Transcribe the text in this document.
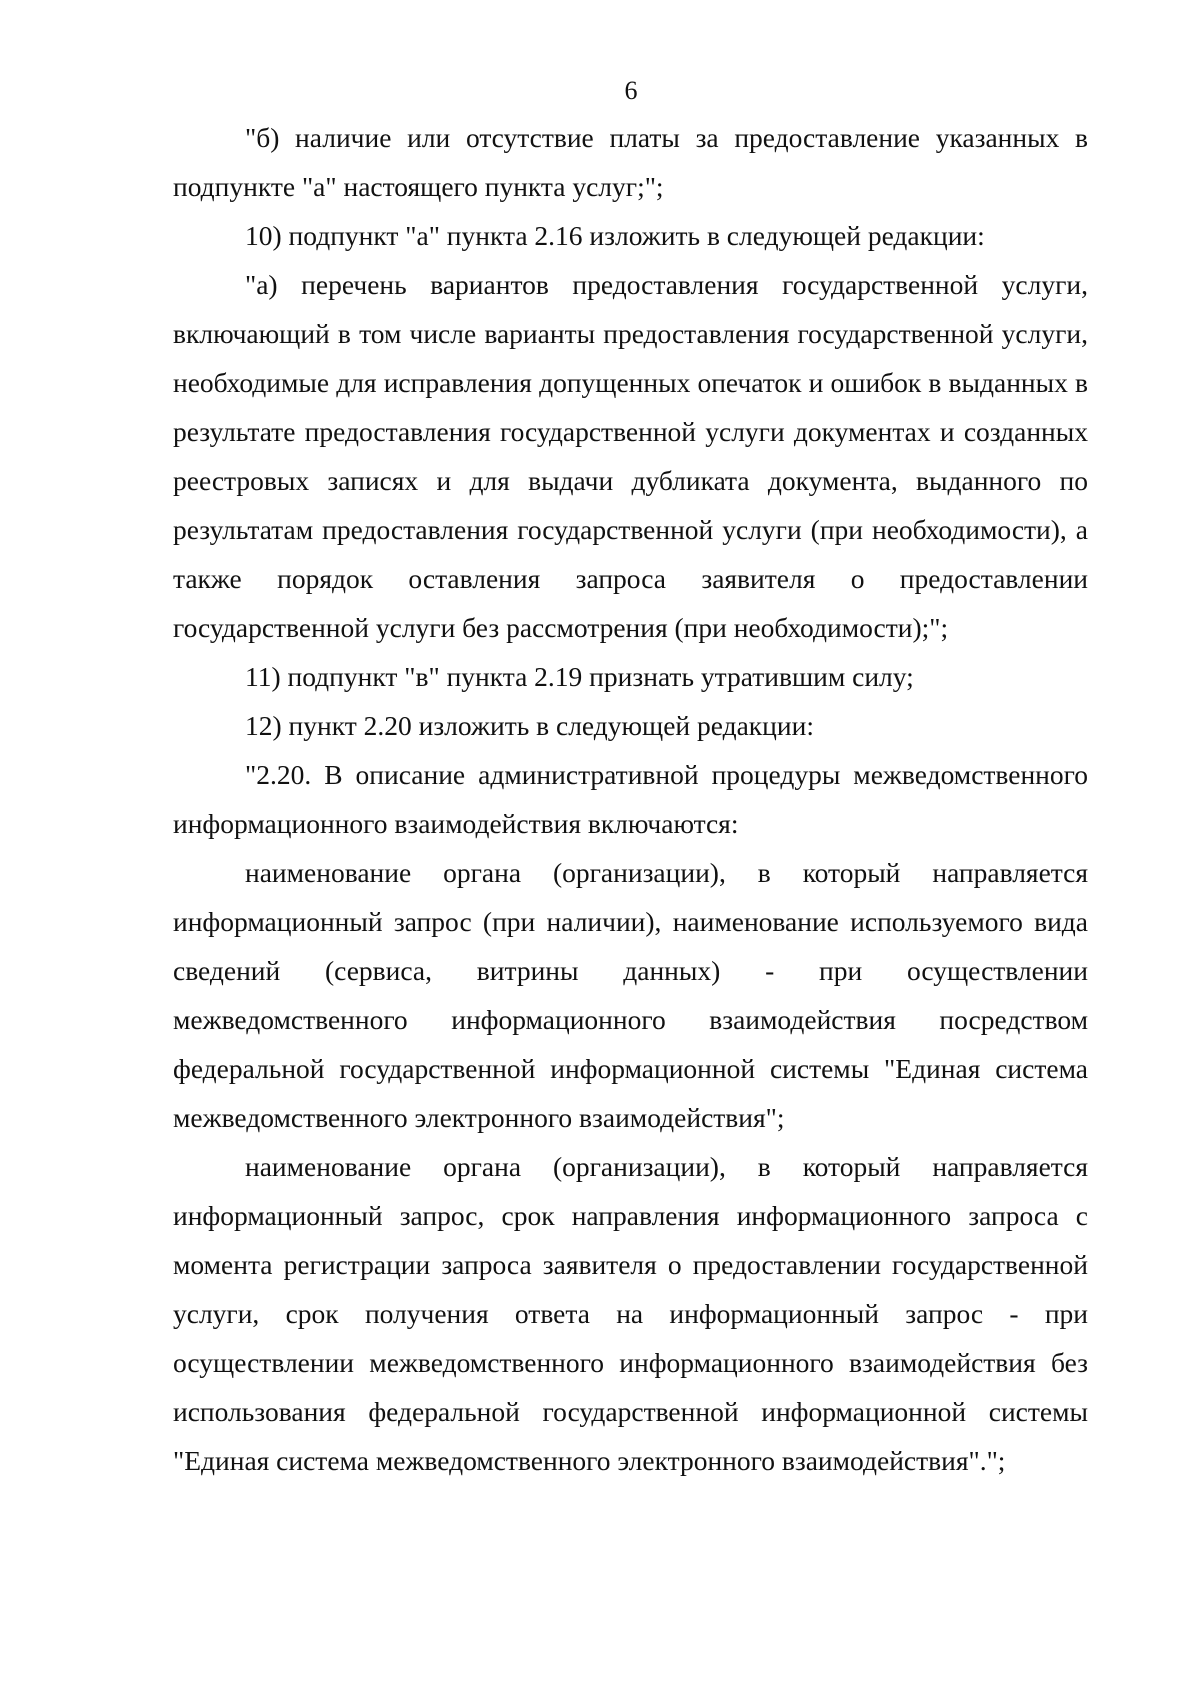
6

"б) наличие или отсутствие платы за предоставление указанных в подпункте "а" настоящего пункта услуг;";

10) подпункт "а" пункта 2.16 изложить в следующей редакции:

"а) перечень вариантов предоставления государственной услуги, включающий в том числе варианты предоставления государственной услуги, необходимые для исправления допущенных опечаток и ошибок в выданных в результате предоставления государственной услуги документах и созданных реестровых записях и для выдачи дубликата документа, выданного по результатам предоставления государственной услуги (при необходимости), а также порядок оставления запроса заявителя о предоставлении государственной услуги без рассмотрения (при необходимости);";

11) подпункт "в" пункта 2.19 признать утратившим силу;

12) пункт 2.20 изложить в следующей редакции:

"2.20. В описание административной процедуры межведомственного информационного взаимодействия включаются:

наименование органа (организации), в который направляется информационный запрос (при наличии), наименование используемого вида сведений (сервиса, витрины данных) - при осуществлении межведомственного информационного взаимодействия посредством федеральной государственной информационной системы "Единая система межведомственного электронного взаимодействия";

наименование органа (организации), в который направляется информационный запрос, срок направления информационного запроса с момента регистрации запроса заявителя о предоставлении государственной услуги, срок получения ответа на информационный запрос - при осуществлении межведомственного информационного взаимодействия без использования федеральной государственной информационной системы "Единая система межведомственного электронного взаимодействия".";
